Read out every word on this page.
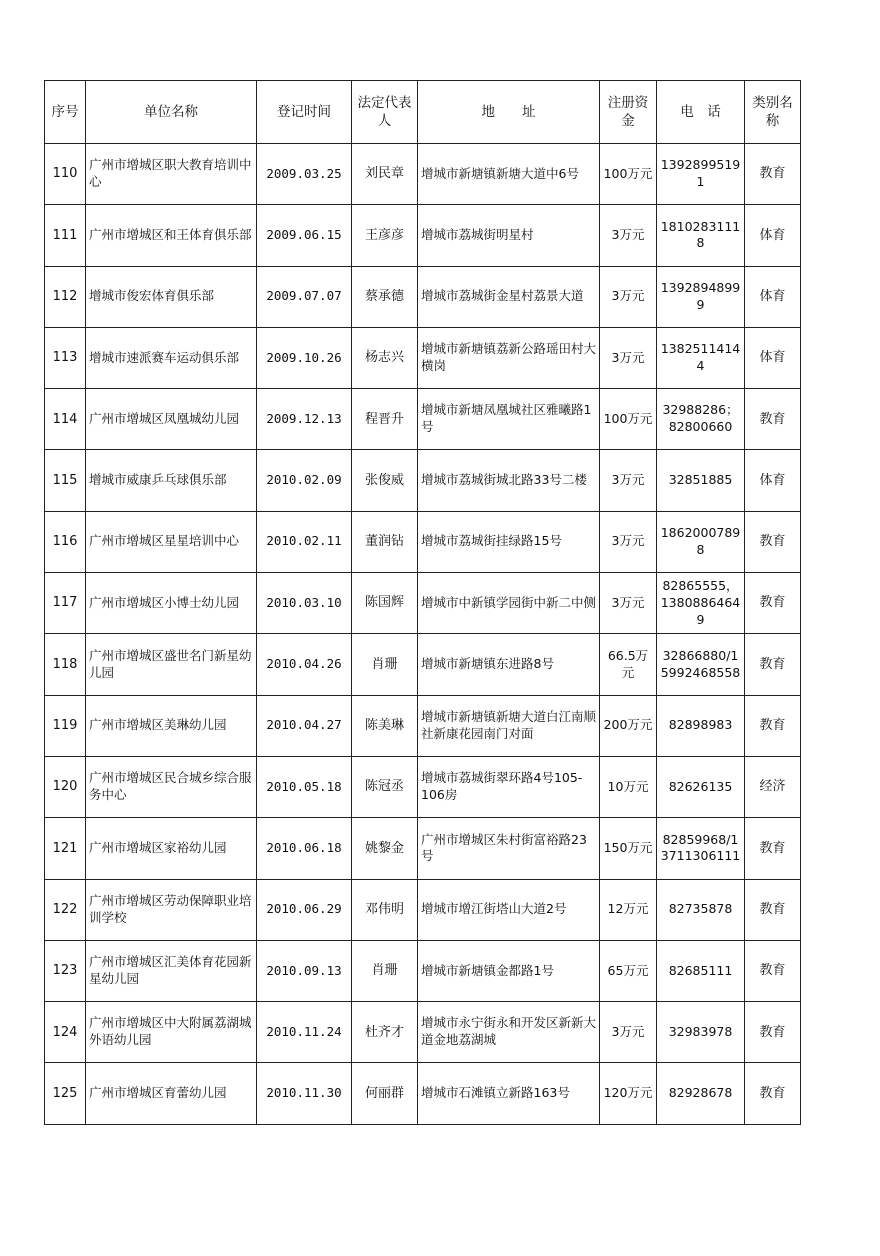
序号	单位名称	登记时间	法定代表人	地　　址	注册资金	电　话	类别名称
110	广州市增城区职大教育培训中心	2009.03.25	刘民章	增城市新塘镇新塘大道中6号	100万元	13928995191	教育
111	广州市增城区和王体育俱乐部	2009.06.15	王彦彦	增城市荔城街明星村	3万元	18102831118	体育
112	增城市俊宏体育俱乐部	2009.07.07	蔡承德	增城市荔城街金星村荔景大道	3万元	13928948999	体育
113	增城市速派赛车运动俱乐部	2009.10.26	杨志兴	增城市新塘镇荔新公路瑶田村大横岗	3万元	13825114144	体育
114	广州市增城区凤凰城幼儿园	2009.12.13	程晋升	增城市新塘凤凰城社区雅曦路1号	100万元	32988286；82800660	教育
115	增城市威康乒乓球俱乐部	2010.02.09	张俊威	增城市荔城街城北路33号二楼	3万元	32851885	体育
116	广州市增城区星星培训中心	2010.02.11	董润钻	增城市荔城街挂绿路15号	3万元	18620007898	教育
117	广州市增城区小博士幼儿园	2010.03.10	陈国辉	增城市中新镇学园街中新二中侧	3万元	82865555，13808864649	教育
118	广州市增城区盛世名门新星幼儿园	2010.04.26	肖珊	增城市新塘镇东进路8号	66.5万元	32866880/15992468558	教育
119	广州市增城区美琳幼儿园	2010.04.27	陈美琳	增城市新塘镇新塘大道白江南顺社新康花园南门对面	200万元	82898983	教育
120	广州市增城区民合城乡综合服务中心	2010.05.18	陈冠丞	增城市荔城街翠环路4号105-106房	10万元	82626135	经济
121	广州市增城区家裕幼儿园	2010.06.18	姚黎金	广州市增城区朱村街富裕路23号	150万元	82859968/13711306111	教育
122	广州市增城区劳动保障职业培训学校	2010.06.29	邓伟明	增城市增江街塔山大道2号	12万元	82735878	教育
123	广州市增城区汇美体育花园新星幼儿园	2010.09.13	肖珊	增城市新塘镇金都路1号	65万元	82685111	教育
124	广州市增城区中大附属荔湖城外语幼儿园	2010.11.24	杜齐才	增城市永宁街永和开发区新新大道金地荔湖城	3万元	32983978	教育
125	广州市增城区育蕾幼儿园	2010.11.30	何丽群	增城市石滩镇立新路163号	120万元	82928678	教育
